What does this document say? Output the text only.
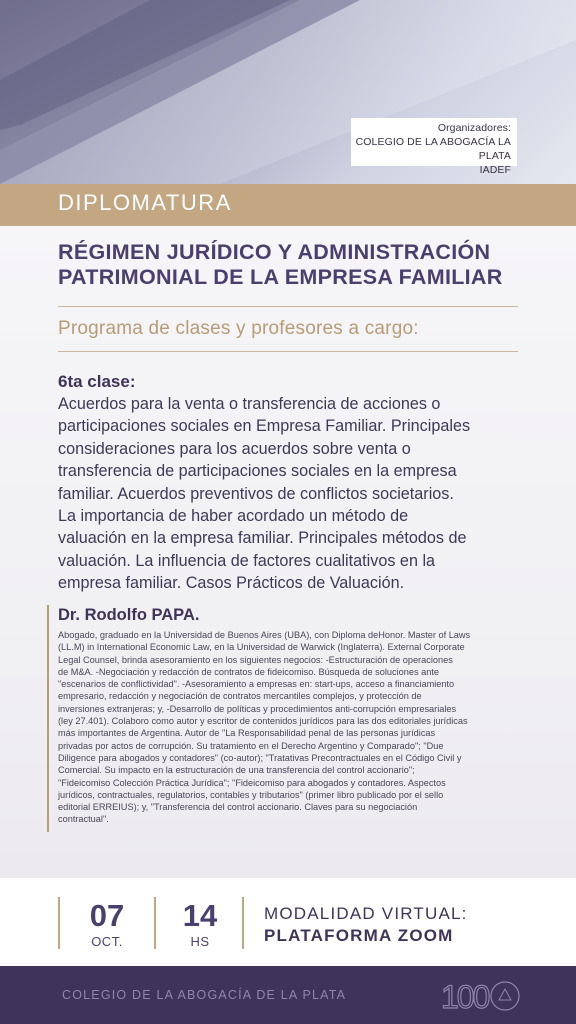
Organizadores:
COLEGIO DE LA ABOGACÍA LA PLATA
IADEF
DIPLOMATURA
RÉGIMEN JURÍDICO Y ADMINISTRACIÓN
PATRIMONIAL DE LA EMPRESA FAMILIAR
Programa de clases y profesores a cargo:
6ta clase:
Acuerdos para la venta o transferencia de acciones o
participaciones sociales en Empresa Familiar. Principales
consideraciones para los acuerdos sobre venta o
transferencia de participaciones sociales en la empresa
familiar. Acuerdos preventivos de conflictos societarios.
La importancia de haber acordado un método de
valuación en la empresa familiar. Principales métodos de
valuación. La influencia de factores cualitativos en la
empresa familiar. Casos Prácticos de Valuación.
Dr. Rodolfo PAPA.
Abogado, graduado en la Universidad de Buenos Aires (UBA), con Diploma deHonor. Master of Laws
(LL.M) in International Economic Law, en la Universidad de Warwick (Inglaterra). External Corporate
Legal Counsel, brinda asesoramiento en los siguientes negocios: -Estructuración de operaciones
de M&A. -Negociación y redacción de contratos de fideicomiso. Búsqueda de soluciones ante
"escenarios de conflictividad". -Asesoramiento a empresas en: start-ups, acceso a financiamiento
empresario, redacción y negociación de contratos mercantiles complejos, y protección de
inversiones extranjeras; y, -Desarrollo de políticas y procedimientos anti-corrupción empresariales
(ley 27.401). Colaboro como autor y escritor de contenidos jurídicos para las dos editoriales jurídicas
más importantes de Argentina. Autor de "La Responsabilidad penal de las personas jurídicas
privadas por actos de corrupción. Su tratamiento en el Derecho Argentino y Comparado"; "Due
Diligence para abogados y contadores" (co-autor); "Tratativas Precontractuales en el Código Civil y
Comercial. Su impacto en la estructuración de una transferencia del control accionario";
"Fideicomiso Colección Práctica Jurídica"; "Fideicomiso para abogados y contadores. Aspectos
jurídicos, contractuales, regulatorios, contables y tributarios" (primer libro publicado por el sello
editorial ERREIUS); y, "Transferencia del control accionario. Claves para su negociación
contractual".
07
OCT.
14
HS
MODALIDAD VIRTUAL:
PLATAFORMA ZOOM
COLEGIO DE LA ABOGACÍA DE LA PLATA	100
